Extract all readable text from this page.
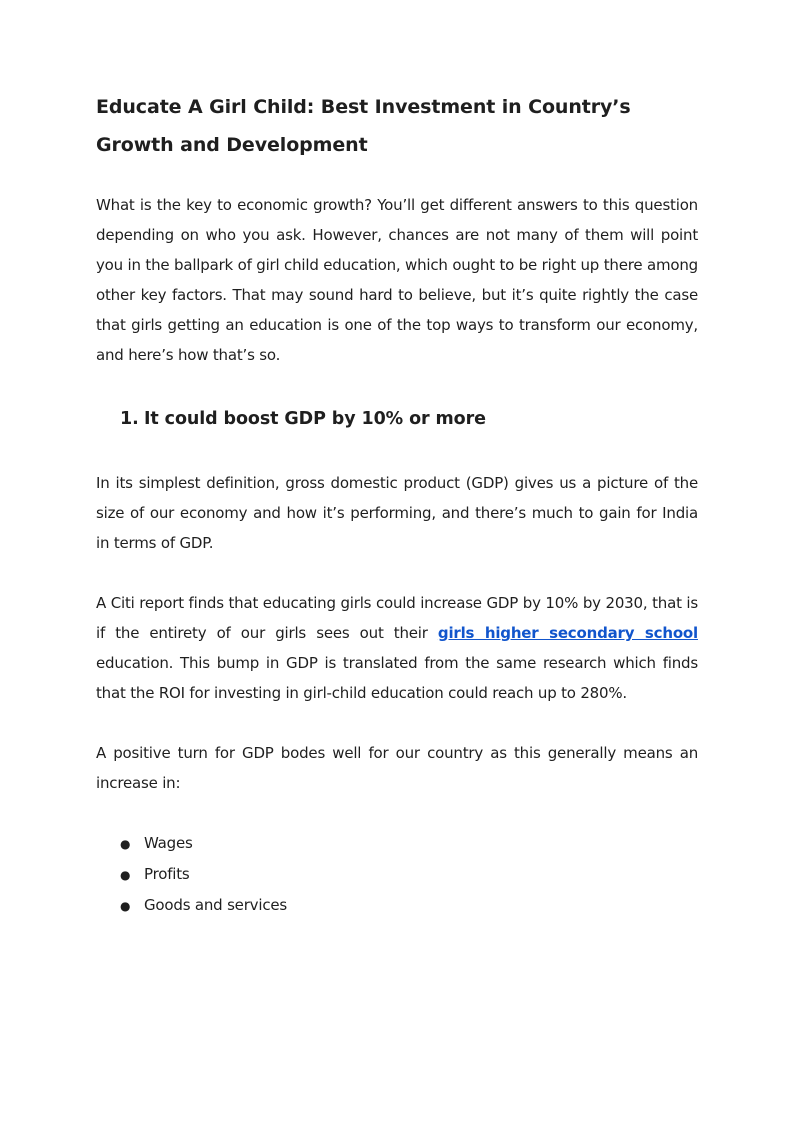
Educate A Girl Child: Best Investment in Country’s Growth and Development

What is the key to economic growth? You’ll get different answers to this question depending on who you ask. However, chances are not many of them will point you in the ballpark of girl child education, which ought to be right up there among other key factors. That may sound hard to believe, but it’s quite rightly the case that girls getting an education is one of the top ways to transform our economy, and here’s how that’s so.

1. It could boost GDP by 10% or more

In its simplest definition, gross domestic product (GDP) gives us a picture of the size of our economy and how it’s performing, and there’s much to gain for India in terms of GDP.

A Citi report finds that educating girls could increase GDP by 10% by 2030, that is if the entirety of our girls sees out their girls higher secondary school education. This bump in GDP is translated from the same research which finds that the ROI for investing in girl-child education could reach up to 280%.

A positive turn for GDP bodes well for our country as this generally means an increase in:

● Wages
● Profits
● Goods and services
